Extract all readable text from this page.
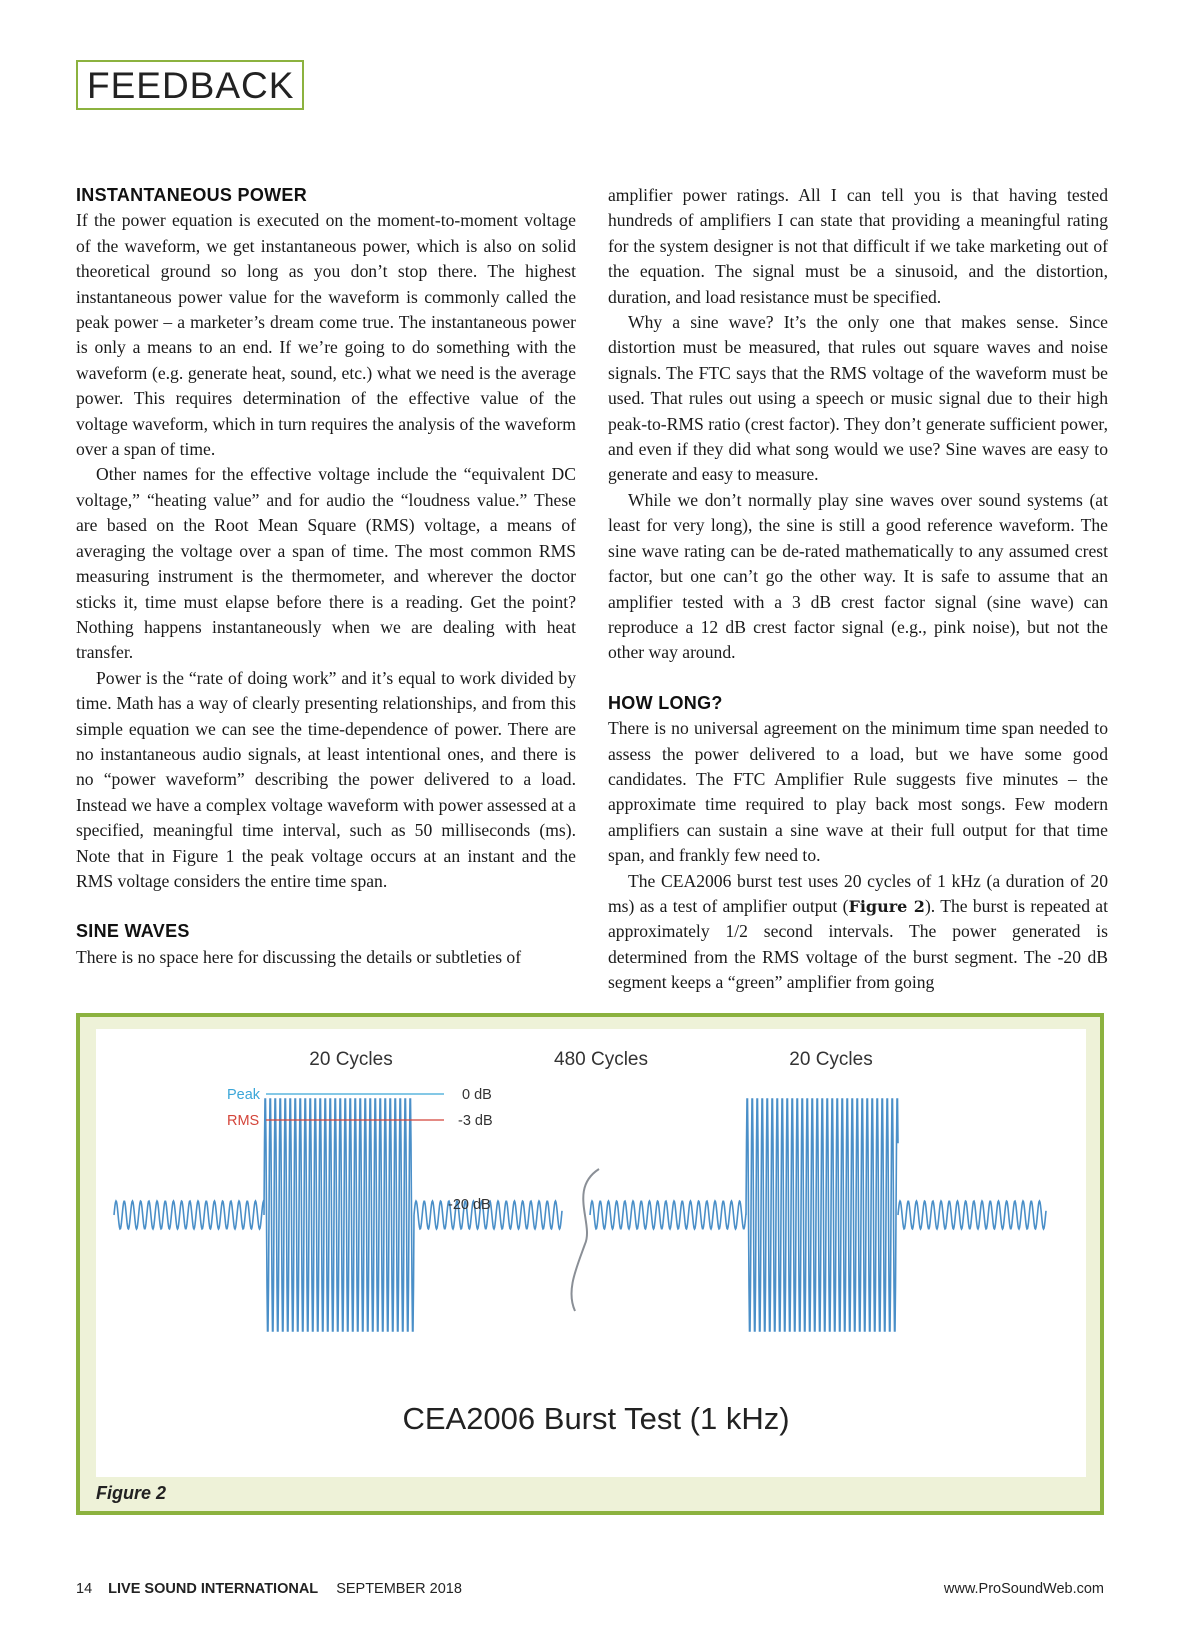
FEEDBACK
INSTANTANEOUS POWER

If the power equation is executed on the moment-to-moment voltage of the waveform, we get instantaneous power, which is also on solid theoretical ground so long as you don’t stop there. The highest instantaneous power value for the waveform is commonly called the peak power – a marketer’s dream come true. The instantaneous power is only a means to an end. If we’re going to do something with the waveform (e.g. generate heat, sound, etc.) what we need is the average power. This requires determination of the effective value of the voltage waveform, which in turn requires the analysis of the waveform over a span of time.

Other names for the effective voltage include the “equivalent DC voltage,” “heating value” and for audio the “loudness value.” These are based on the Root Mean Square (RMS) voltage, a means of averaging the voltage over a span of time. The most common RMS measuring instrument is the thermometer, and wherever the doctor sticks it, time must elapse before there is a reading. Get the point? Nothing happens instantaneously when we are dealing with heat transfer.

Power is the “rate of doing work” and it’s equal to work divided by time. Math has a way of clearly presenting relationships, and from this simple equation we can see the time-dependence of power. There are no instantaneous audio signals, at least intentional ones, and there is no “power waveform” describing the power delivered to a load. Instead we have a complex voltage waveform with power assessed at a specified, meaningful time interval, such as 50 milliseconds (ms). Note that in Figure 1 the peak voltage occurs at an instant and the RMS voltage considers the entire time span.

SINE WAVES

There is no space here for discussing the details or subtleties of

amplifier power ratings. All I can tell you is that having tested hundreds of amplifiers I can state that providing a meaningful rating for the system designer is not that difficult if we take marketing out of the equation. The signal must be a sinusoid, and the distortion, duration, and load resistance must be specified.

Why a sine wave? It’s the only one that makes sense. Since distortion must be measured, that rules out square waves and noise signals. The FTC says that the RMS voltage of the waveform must be used. That rules out using a speech or music signal due to their high peak-to-RMS ratio (crest factor). They don’t generate sufficient power, and even if they did what song would we use? Sine waves are easy to generate and easy to measure.

While we don’t normally play sine waves over sound systems (at least for very long), the sine is still a good reference waveform. The sine wave rating can be de-rated mathematically to any assumed crest factor, but one can’t go the other way. It is safe to assume that an amplifier tested with a 3 dB crest factor signal (sine wave) can reproduce a 12 dB crest factor signal (e.g., pink noise), but not the other way around.

HOW LONG?

There is no universal agreement on the minimum time span needed to assess the power delivered to a load, but we have some good candidates. The FTC Amplifier Rule suggests five minutes – the approximate time required to play back most songs. Few modern amplifiers can sustain a sine wave at their full output for that time span, and frankly few need to.

The CEA2006 burst test uses 20 cycles of 1 kHz (a duration of 20 ms) as a test of amplifier output (Figure 2). The burst is repeated at approximately 1/2 second intervals. The power generated is determined from the RMS voltage of the burst segment. The -20 dB segment keeps a “green” amplifier from going

20 Cycles	480 Cycles	20 Cycles
Peak
RMS
0 dB
-3 dB
-20 dB
CEA2006 Burst Test (1 kHz)
Figure 2
14 LIVE SOUND INTERNATIONAL SEPTEMBER 2018	www.ProSoundWeb.com
